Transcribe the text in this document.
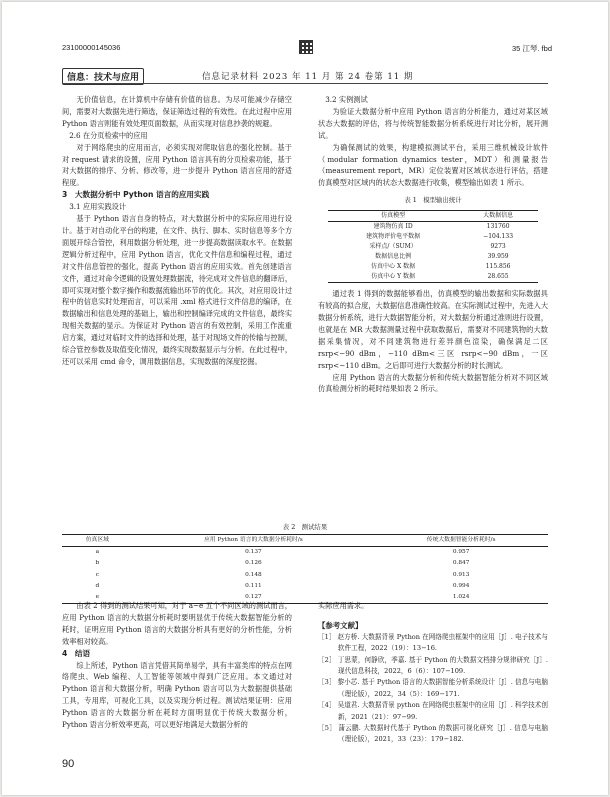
23100000145036	35 江琴. fbd
信息：技术与应用	信息记录材料 2023 年 11 月 第 24 卷第 11 期

无价值信息，在计算机中存储有价值的信息。为尽可能减少存储空间，需要对大数据先进行筛选，保证筛选过程的有效性。在此过程中应用 Python 语言则能有效处理页面数据，从而实现对信息抄袭的规避。

2.6 在分页检索中的应用

对于网络爬虫的应用而言，必须实现对爬取信息的强化控制。基于对 request 请求的设置，应用 Python 语言具有的分页检索功能，基于对大数据的排序、分析、修改等，进一步提升 Python 语言应用的舒适程度。

3　大数据分析中 Python 语言的应用实践

3.1 应用实践设计

基于 Python 语言自身的特点，对大数据分析中的实际应用进行设计。基于对自动化平台的构建，在文件、执行、脚本、实时信息等多个方面展开综合管控，利用数据分析处理，进一步提高数据读取水平。在数据逻辑分析过程中，应用 Python 语言，优化文件信息和编程过程，通过对文件信息管控的强化，提高 Python 语言的应用实效。首先创建语言文件，通过对命令逻辑的设置处理数据流，待完成对文件信息的翻译后，即可实现对整个数字操作和数据流输出环节的优化。其次，对应用设计过程中的信息实时处理而言，可以采用 .xml 格式进行文件信息的编译，在数据输出和信息处理的基础上，输出和控制编译完成的文件信息，最终实现相关数据的显示。为保证对 Python 语言的有效控制，采用工作流重启方案，通过对临时文件的选择和处理，基于对现场文件的传输与控制，综合管控参数及取值变化情况，最终实现数据显示与分析。在此过程中，还可以采用 cmd 命令，调用数据信息，实现数据的深度挖掘。

3.2 实例测试

为验证大数据分析中应用 Python 语言的分析能力，通过对某区域状态大数据的评估，将与传统智能数据分析系统进行对比分析，展开测试。

为确保测试的效果，构建模拟测试平台，采用三维机械设计软件（modular formation dynamics tester，MDT）和测量报告（measurement report，MR）定位装置对区域状态进行评估，搭建仿真模型对区域内的状态大数据进行收集，模型输出如表 1 所示。

表 1　模型输出统计
仿真模型	大数据信息
建筑物仿真 ID	131760
建筑物评价电平数据	−104.133
采样点/（SUM）	9273
数据信息比例	39.959
仿真中心 X 数据	115.856
仿真中心 Y 数据	28.655

通过表 1 得到的数据能够看出，仿真模型的输出数据和实际数据具有较高的拟合度，大数据信息准确性较高。在实际测试过程中，先进入大数据分析系统，进行大数据智能分析，对大数据分析通过准则进行设置，也就是在 MR 大数据测量过程中获取数据后，需要对不同建筑物的大数据采集情况，对不同建筑物进行差异颜色渲染，确保满足二区 rsrp<−90 dBm，−110 dBm<三区 rsrp<−90 dBm，一区 rsrp<−110 dBm。之后即可进行大数据分析的时长测试。

应用 Python 语言的大数据分析和传统大数据智能分析对不同区域仿真检测分析的耗时结果如表 2 所示。

表 2　测试结果
仿真区域	应用 Python 语言的大数据分析耗时/s	传统大数据智能分析耗时/s
a	0.137	0.957
b	0.126	0.847
c	0.148	0.913
d	0.111	0.994
e	0.127	1.024

由表 2 得到的测试结果可知，对于 a~e 五个不同区域的测试而言，应用 Python 语言的大数据分析耗时要明显优于传统大数据智能分析的耗时，证明应用 Python 语言的大数据分析具有更好的分析性能，分析效率相对较高。

4　结语

综上所述，Python 语言凭借其简单易学，具有丰富类库的特点在网络爬虫、Web 编程、人工智能等领域中得到广泛应用。本文通过对 Python 语言和大数据分析，明确 Python 语言可以为大数据提供基础工具，专用库，可视化工具，以及实现分析过程。测试结果证明：应用 Python 语言的大数据分析在耗时方面明显优于传统大数据分析，Python 语言分析效率更高，可以更好地满足大数据分析的

实际应用需求。

【参考文献】

［1］ 赵方桥. 大数据背景 Python 在网络爬虫框架中的应用［J］. 电子技术与软件工程，2022（19）：13−16.
［2］ 丁思蒙，何静欣，季嘉. 基于 Python 的大数据文档排分规律研究［J］. 现代信息科技，2022，6（6）：107−109.
［3］ 黎小芯. 基于 Python 语言的大数据智能分析系统设计［J］. 信息与电脑（理论版），2022，34（5）：169−171.
［4］ 吴道君. 大数据背景 python 在网络爬虫框架中的应用［J］. 科学技术创新，2021（21）：97−99.
［5］ 蒲云鹏. 大数据时代基于 Python 的数据可视化研究［J］. 信息与电脑（理论版），2021，33（23）：179−182.
90
